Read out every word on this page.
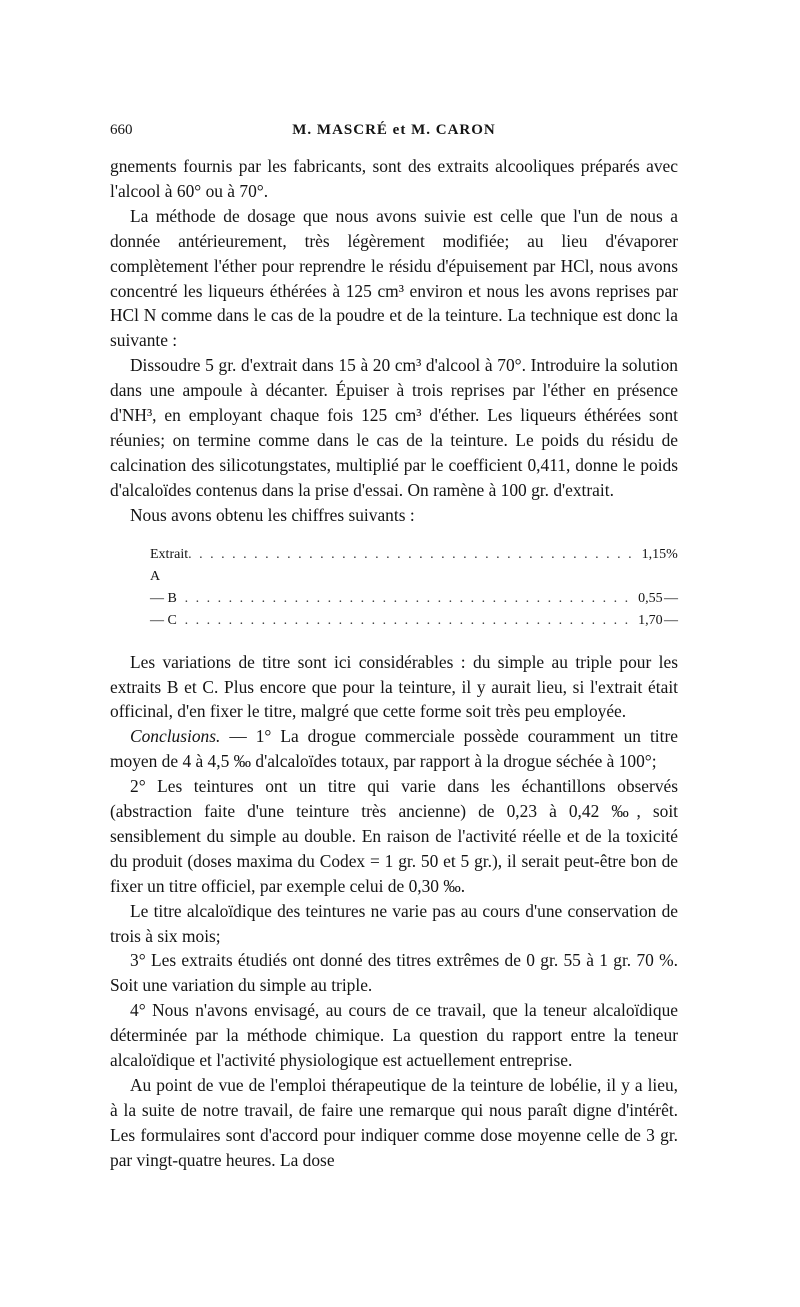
660	M. MASCRÉ et M. CARON

gnements fournis par les fabricants, sont des extraits alcooliques préparés avec l'alcool à 60° ou à 70°.

La méthode de dosage que nous avons suivie est celle que l'un de nous a donnée antérieurement, très légèrement modifiée; au lieu d'évaporer complètement l'éther pour reprendre le résidu d'épuisement par HCl, nous avons concentré les liqueurs éthérées à 125 cm³ environ et nous les avons reprises par HCl N comme dans le cas de la poudre et de la teinture. La technique est donc la suivante :

Dissoudre 5 gr. d'extrait dans 15 à 20 cm³ d'alcool à 70°. Introduire la solution dans une ampoule à décanter. Épuiser à trois reprises par l'éther en présence d'NH³, en employant chaque fois 125 cm³ d'éther. Les liqueurs éthérées sont réunies; on termine comme dans le cas de la teinture. Le poids du résidu de calcination des silicotungstates, multiplié par le coefficient 0,411, donne le poids d'alcaloïdes contenus dans la prise d'essai. On ramène à 100 gr. d'extrait.

Nous avons obtenu les chiffres suivants :

Extrait A
. . . . . . . . . . . . . . . . . . . . . . . . . . . . . . . . . . . . . . . . . 1,15 %
— B . . . . . . . . . . . . . . . . . . . . . . . . . . . . . . . . . . . . . . . . . 0,55 —
— C . . . . . . . . . . . . . . . . . . . . . . . . . . . . . . . . . . . . . . . . . 1,70 —

Les variations de titre sont ici considérables : du simple au triple pour les extraits B et C. Plus encore que pour la teinture, il y aurait lieu, si l'extrait était officinal, d'en fixer le titre, malgré que cette forme soit très peu employée.

Conclusions. — 1° La drogue commerciale possède couramment un titre moyen de 4 à 4,5 ‰ d'alcaloïdes totaux, par rapport à la drogue séchée à 100°;

2° Les teintures ont un titre qui varie dans les échantillons observés (abstraction faite d'une teinture très ancienne) de 0,23 à 0,42 ‰, soit sensiblement du simple au double. En raison de l'activité réelle et de la toxicité du produit (doses maxima du Codex = 1 gr. 50 et 5 gr.), il serait peut-être bon de fixer un titre officiel, par exemple celui de 0,30 ‰.

Le titre alcaloïdique des teintures ne varie pas au cours d'une conservation de trois à six mois;

3° Les extraits étudiés ont donné des titres extrêmes de 0 gr. 55 à 1 gr. 70 %. Soit une variation du simple au triple.

4° Nous n'avons envisagé, au cours de ce travail, que la teneur alcaloïdique déterminée par la méthode chimique. La question du rapport entre la teneur alcaloïdique et l'activité physiologique est actuellement entreprise.

Au point de vue de l'emploi thérapeutique de la teinture de lobélie, il y a lieu, à la suite de notre travail, de faire une remarque qui nous paraît digne d'intérêt. Les formulaires sont d'accord pour indiquer comme dose moyenne celle de 3 gr. par vingt-quatre heures. La dose
